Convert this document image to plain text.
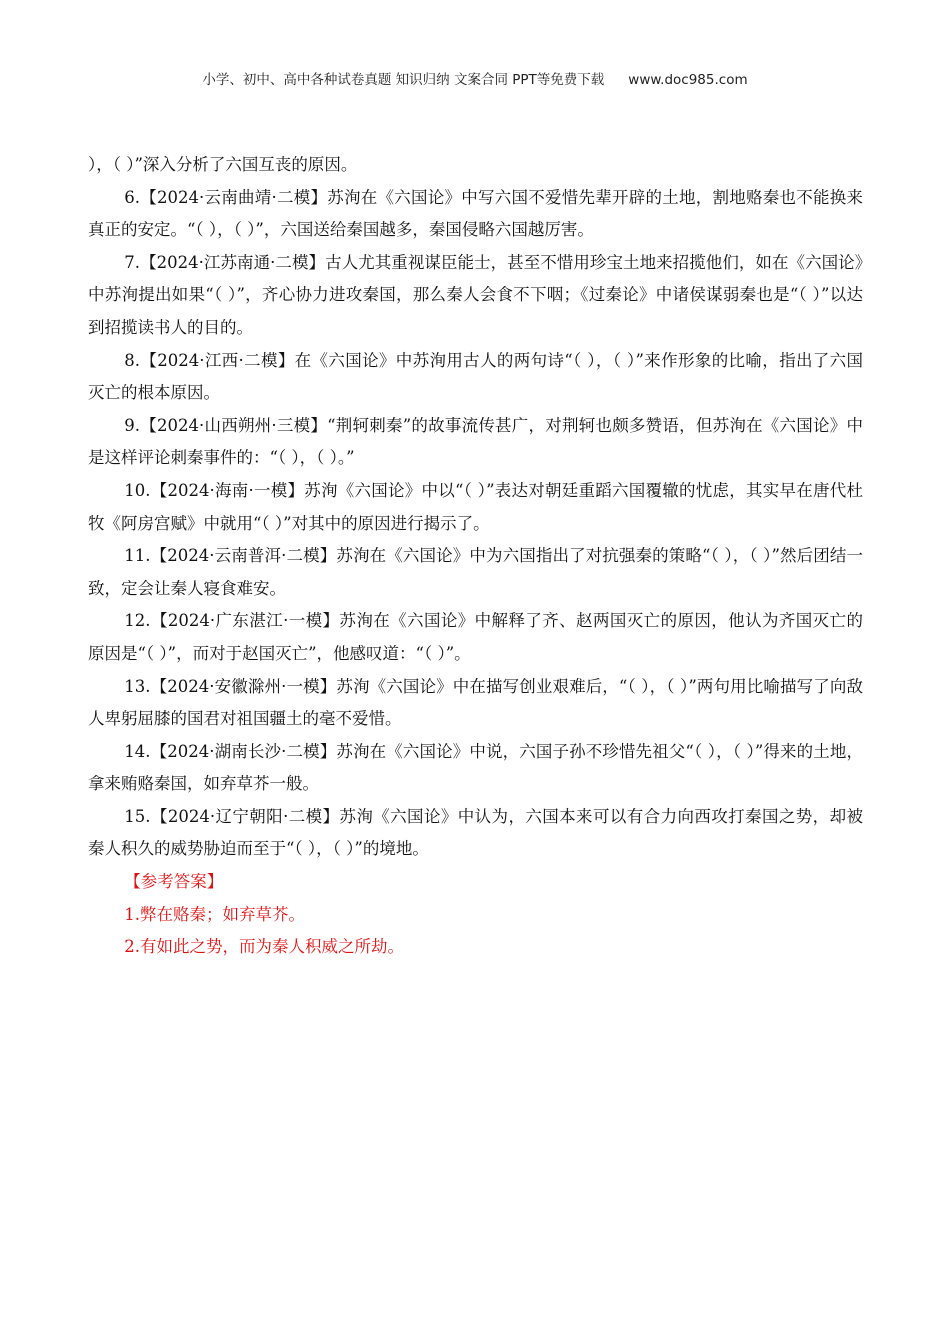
小学、初中、高中各种试卷真题 知识归纳 文案合同 PPT等免费下载 www.doc985.com

），（ ）”深入分析了六国互丧的原因。

6.【2024·云南曲靖·二模】苏洵在《六国论》中写六国不爱惜先辈开辟的土地，割地赂秦也不能换来真正的安定。“（ ），（ ）”，六国送给秦国越多，秦国侵略六国越厉害。

7.【2024·江苏南通·二模】古人尤其重视谋臣能士，甚至不惜用珍宝土地来招揽他们，如在《六国论》中苏洵提出如果“（ ）”，齐心协力进攻秦国，那么秦人会食不下咽；《过秦论》中诸侯谋弱秦也是“（ ）”以达到招揽读书人的目的。

8.【2024·江西·二模】在《六国论》中苏洵用古人的两句诗“（ ），（ ）”来作形象的比喻，指出了六国灭亡的根本原因。

9.【2024·山西朔州·三模】“荆轲刺秦”的故事流传甚广，对荆轲也颇多赞语，但苏洵在《六国论》中是这样评论刺秦事件的：“（ ），（ ）。”

10.【2024·海南·一模】苏洵《六国论》中以“（ ）”表达对朝廷重蹈六国覆辙的忧虑，其实早在唐代杜牧《阿房宫赋》中就用“（ ）”对其中的原因进行揭示了。

11.【2024·云南普洱·二模】苏洵在《六国论》中为六国指出了对抗强秦的策略“（ ），（ ）”然后团结一致，定会让秦人寝食难安。

12.【2024·广东湛江·一模】苏洵在《六国论》中解释了齐、赵两国灭亡的原因，他认为齐国灭亡的原因是“（ ）”，而对于赵国灭亡”，他感叹道：“（ ）”。

13.【2024·安徽滁州·一模】苏洵《六国论》中在描写创业艰难后，“（ ），（ ）”两句用比喻描写了向敌人卑躬屈膝的国君对祖国疆土的毫不爱惜。

14.【2024·湖南长沙·二模】苏洵在《六国论》中说，六国子孙不珍惜先祖父“（ ），（ ）”得来的土地，拿来贿赂秦国，如弃草芥一般。

15.【2024·辽宁朝阳·二模】苏洵《六国论》中认为，六国本来可以有合力向西攻打秦国之势，却被秦人积久的威势胁迫而至于“（ ），（ ）”的境地。

【参考答案】

1.弊在赂秦；如弃草芥。

2.有如此之势，而为秦人积威之所劫。
